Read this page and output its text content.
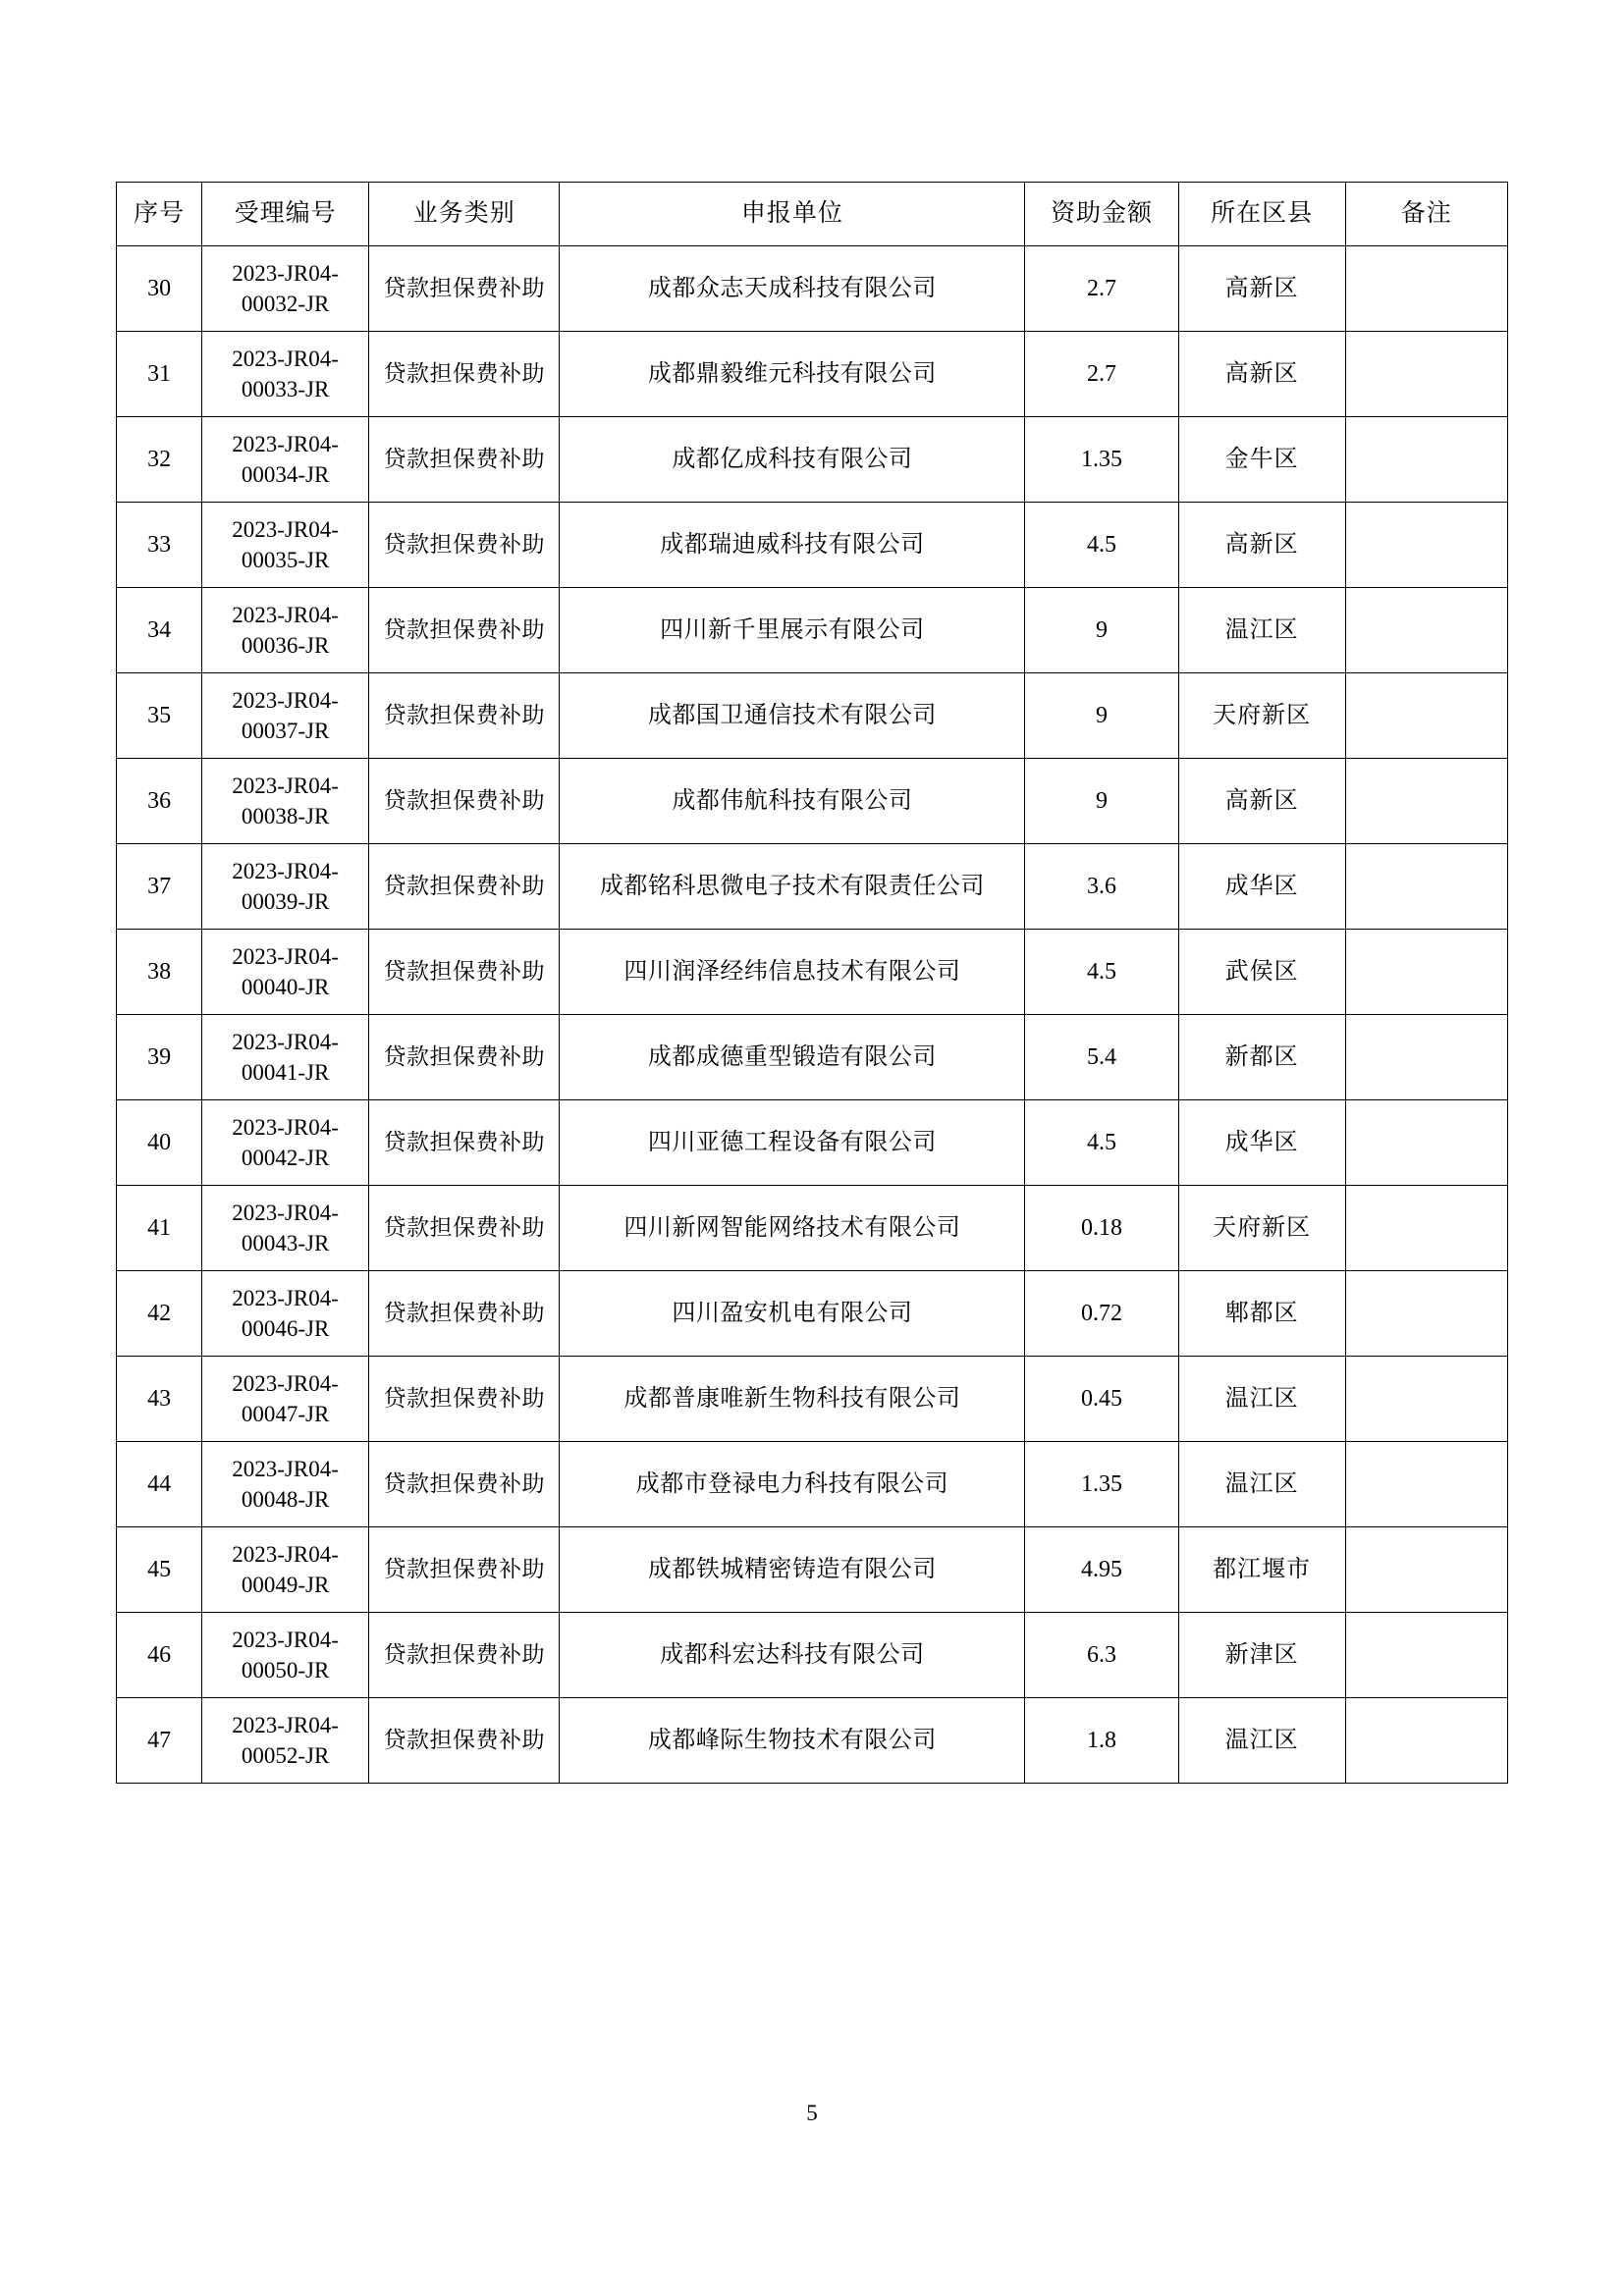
序号	受理编号	业务类别	申报单位	资助金额	所在区县	备注
30	2023-JR04-
00032-JR	贷款担保费补助	成都众志天成科技有限公司	2.7	高新区	
31	2023-JR04-
00033-JR	贷款担保费补助	成都鼎毅维元科技有限公司	2.7	高新区	
32	2023-JR04-
00034-JR	贷款担保费补助	成都亿成科技有限公司	1.35	金牛区	
33	2023-JR04-
00035-JR	贷款担保费补助	成都瑞迪威科技有限公司	4.5	高新区	
34	2023-JR04-
00036-JR	贷款担保费补助	四川新千里展示有限公司	9	温江区	
35	2023-JR04-
00037-JR	贷款担保费补助	成都国卫通信技术有限公司	9	天府新区	
36	2023-JR04-
00038-JR	贷款担保费补助	成都伟航科技有限公司	9	高新区	
37	2023-JR04-
00039-JR	贷款担保费补助	成都铭科思微电子技术有限责任公司	3.6	成华区	
38	2023-JR04-
00040-JR	贷款担保费补助	四川润泽经纬信息技术有限公司	4.5	武侯区	
39	2023-JR04-
00041-JR	贷款担保费补助	成都成德重型锻造有限公司	5.4	新都区	
40	2023-JR04-
00042-JR	贷款担保费补助	四川亚德工程设备有限公司	4.5	成华区	
41	2023-JR04-
00043-JR	贷款担保费补助	四川新网智能网络技术有限公司	0.18	天府新区	
42	2023-JR04-
00046-JR	贷款担保费补助	四川盈安机电有限公司	0.72	郫都区	
43	2023-JR04-
00047-JR	贷款担保费补助	成都普康唯新生物科技有限公司	0.45	温江区	
44	2023-JR04-
00048-JR	贷款担保费补助	成都市登禄电力科技有限公司	1.35	温江区	
45	2023-JR04-
00049-JR	贷款担保费补助	成都铁城精密铸造有限公司	4.95	都江堰市	
46	2023-JR04-
00050-JR	贷款担保费补助	成都科宏达科技有限公司	6.3	新津区	
47	2023-JR04-
00052-JR	贷款担保费补助	成都峰际生物技术有限公司	1.8	温江区	
5
